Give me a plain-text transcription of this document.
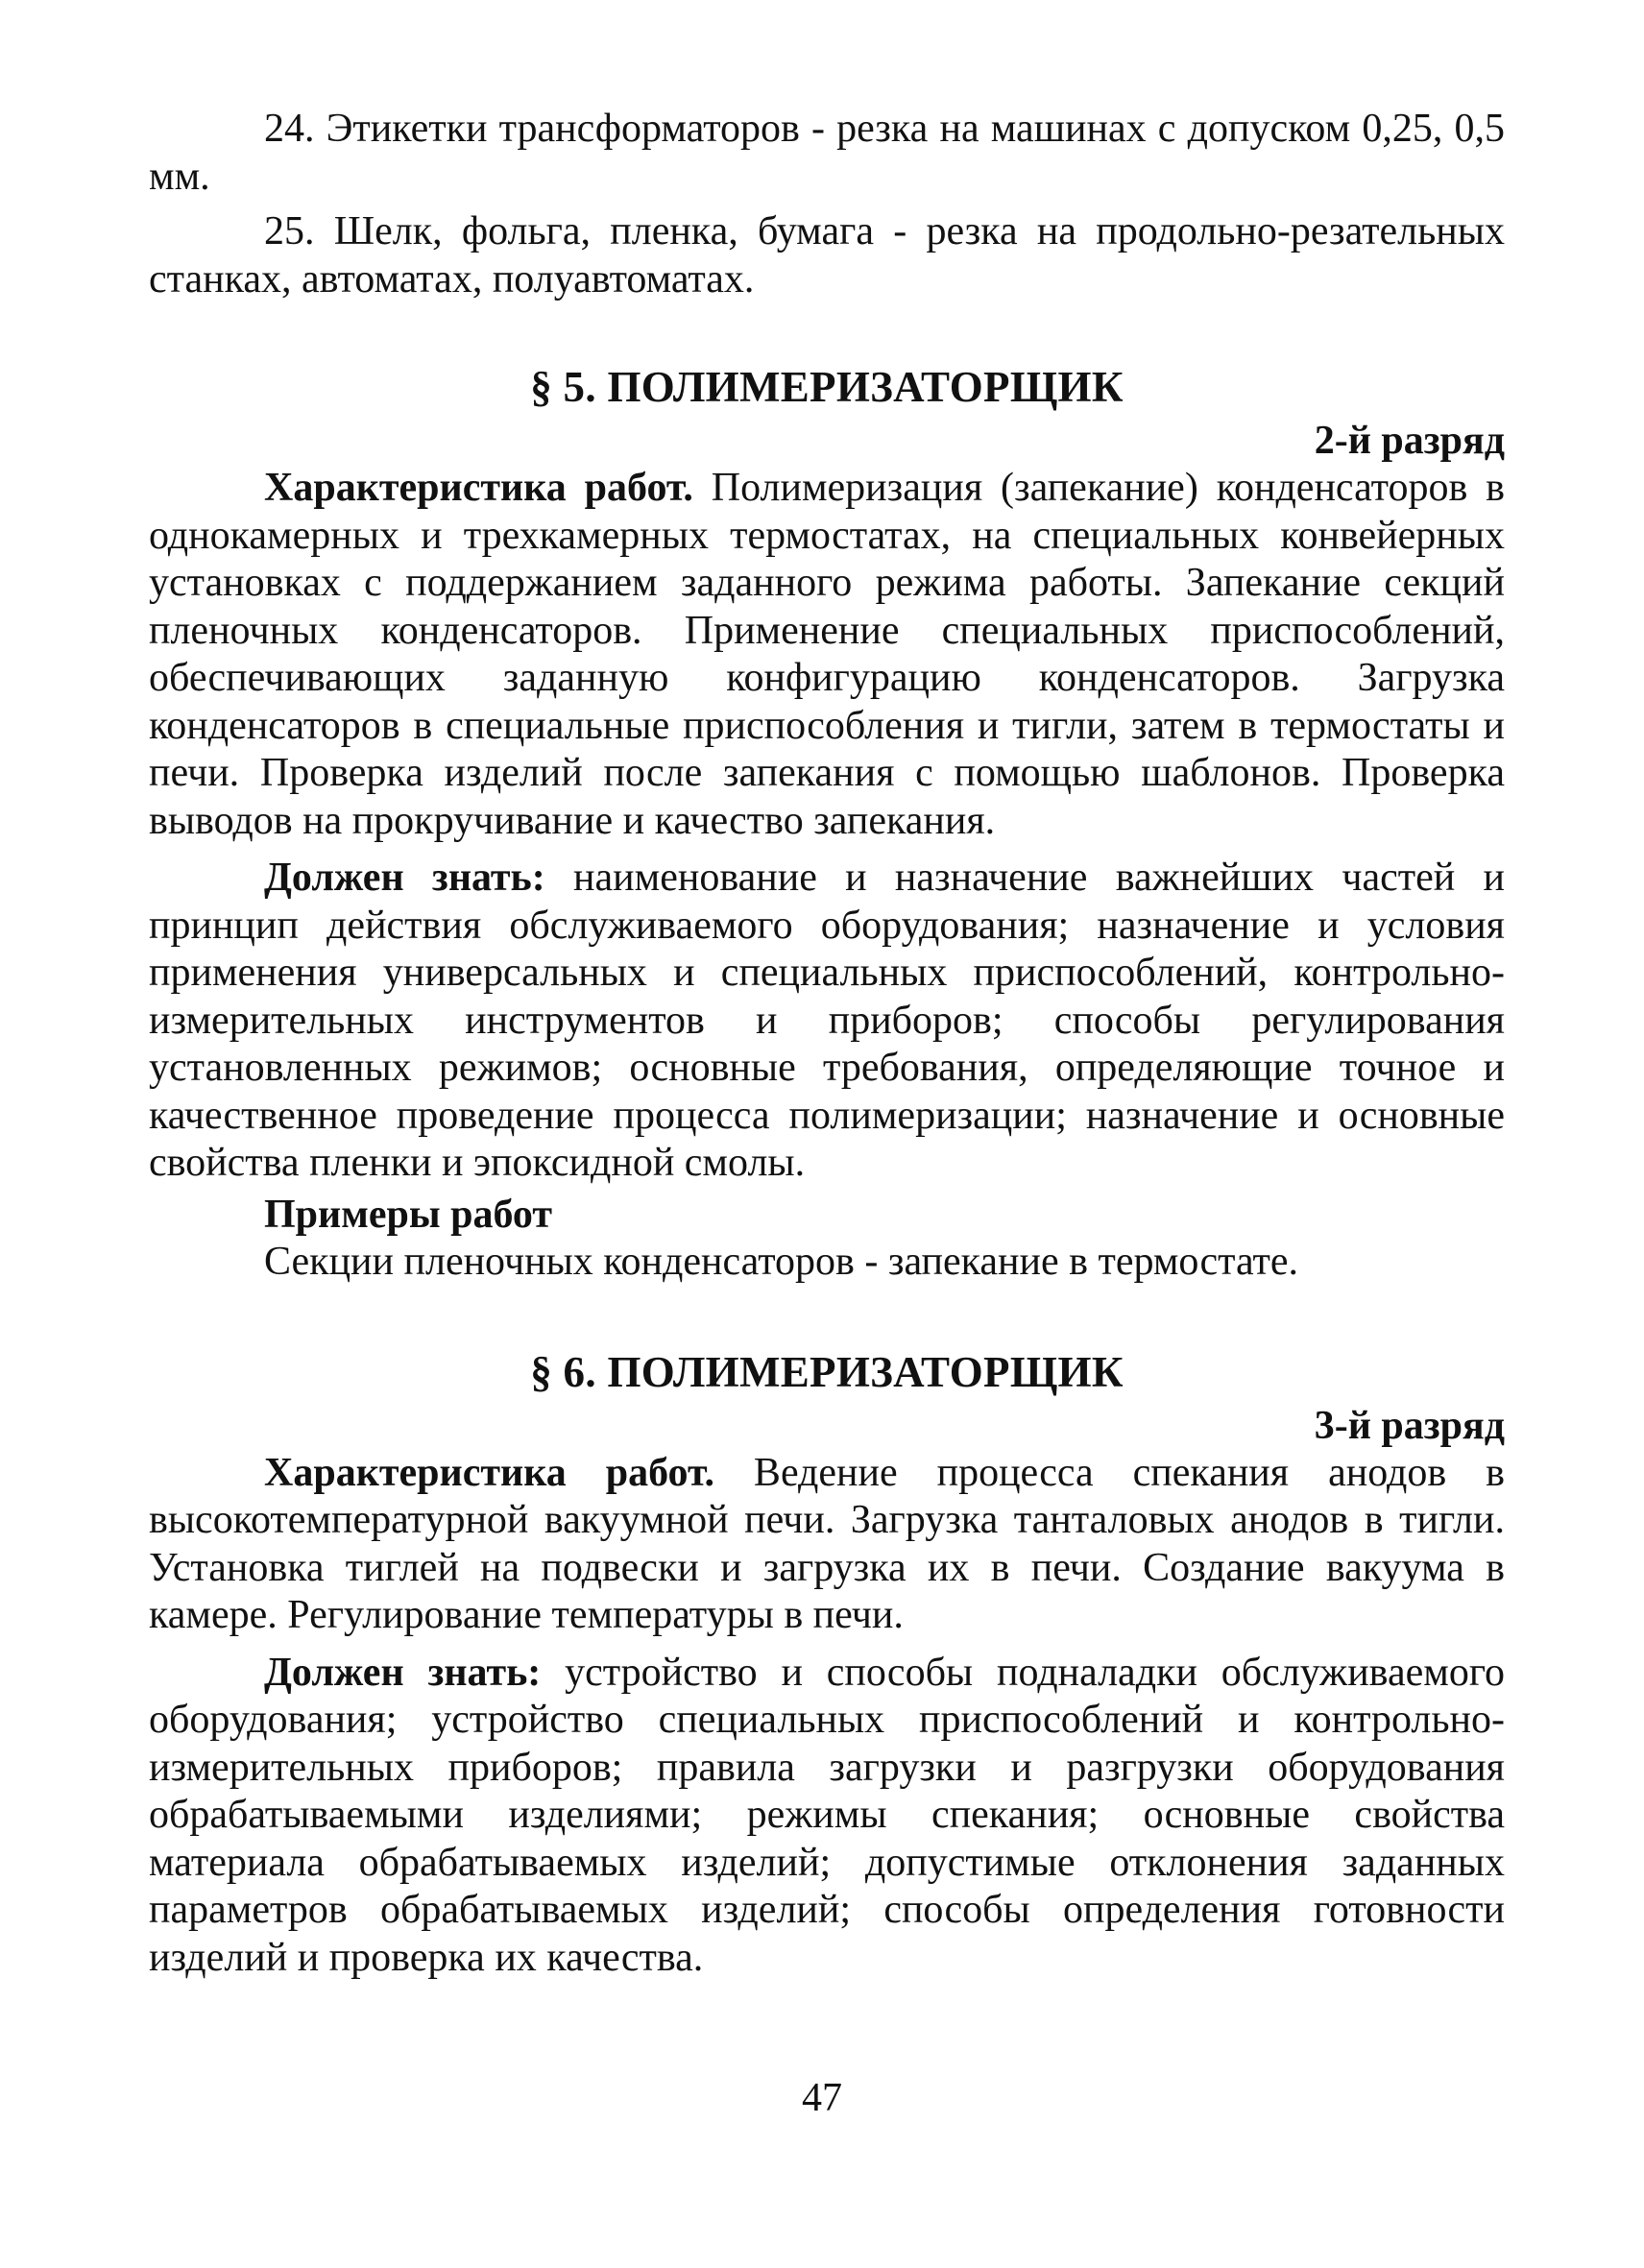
24. Этикетки трансформаторов - резка на машинах с допуском 0,25, 0,5 мм.

25. Шелк, фольга, пленка, бумага - резка на продольно-резательных станках, автоматах, полуавтоматах.

§ 5. ПОЛИМЕРИЗАТОРЩИК
2-й разряд

Характеристика работ. Полимеризация (запекание) конденсаторов в однокамерных и трехкамерных термостатах, на специальных конвейерных установках с поддержанием заданного режима работы. Запекание секций пленочных конденсаторов. Применение специальных приспособлений, обеспечивающих заданную конфигурацию конденсаторов. Загрузка конденсаторов в специальные приспособления и тигли, затем в термостаты и печи. Проверка изделий после запекания с помощью шаблонов. Проверка выводов на прокручивание и качество запекания.

Должен знать: наименование и назначение важнейших частей и принцип действия обслуживаемого оборудования; назначение и условия применения универсальных и специальных приспособлений, контрольно-измерительных инструментов и приборов; способы регулирования установленных режимов; основные требования, определяющие точное и качественное проведение процесса полимеризации; назначение и основные свойства пленки и эпоксидной смолы.

Примеры работ

Секции пленочных конденсаторов - запекание в термостате.

§ 6. ПОЛИМЕРИЗАТОРЩИК
3-й разряд

Характеристика работ. Ведение процесса спекания анодов в высокотемпературной вакуумной печи. Загрузка танталовых анодов в тигли. Установка тиглей на подвески и загрузка их в печи. Создание вакуума в камере. Регулирование температуры в печи.

Должен знать: устройство и способы подналадки обслуживаемого оборудования; устройство специальных приспособлений и контрольно-измерительных приборов; правила загрузки и разгрузки оборудования обрабатываемыми изделиями; режимы спекания; основные свойства материала обрабатываемых изделий; допустимые отклонения заданных параметров обрабатываемых изделий; способы определения готовности изделий и проверка их качества.

47
